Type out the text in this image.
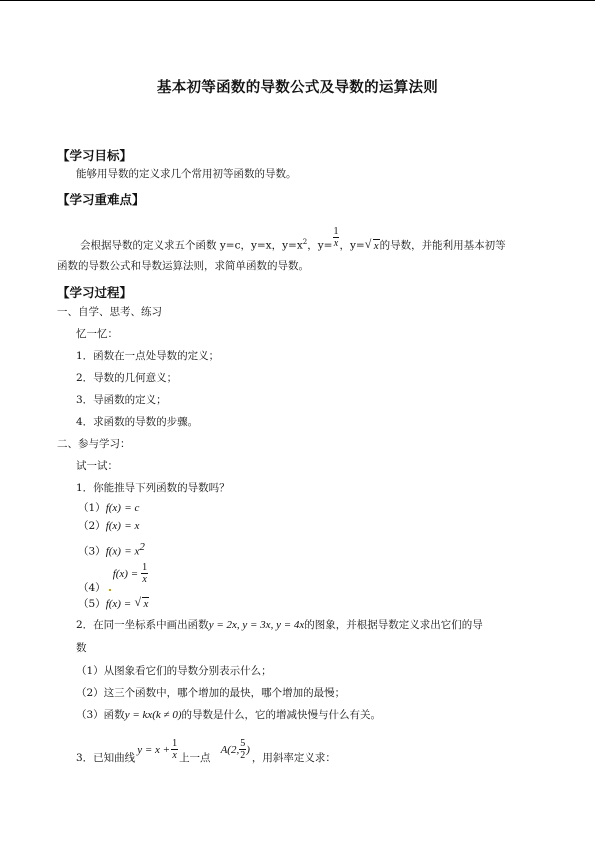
基本初等函数的导数公式及导数的运算法则
【学习目标】
能够用导数的定义求几个常用初等函数的导数。
【学习重难点】
会根据导数的定义求五个函数 y=c，y=x，$y=x^2$，$y= \frac{1}{x}$ ，y= √ x的导数，并能利用基本初等
函数的导数公式和导数运算法则，求简单函数的导数。
【学习过程】
一、自学、思考、练习
忆一忆：
1．函数在一点处导数的定义；
2．导数的几何意义；
3．导函数的定义；
4．求函数的导数的步骤。
二、参与学习：
试一试：
1．你能推导下列函数的导数吗？
（1）f(x) = c
（2）f(x) = x
$(3)f(x) = x^2$
$(4)f(x) = \frac{1}{x}$
（5）f(x) = √ x
2．在同一坐标系中画出函数y = 2x, y = 3x, y = 4x的图象，并根据导数定义求出它们的导
数
（1）从图象看它们的导数分别表示什么；
（2）这三个函数中，哪个增加的最快，哪个增加的最慢；
（3）函数y = kx(k ≠ 0)的导数是什么，它的增减快慢与什么有关。
3．已知曲线$y = x + \frac{1}{x}$ 上一点A(2, $\frac{5}{2}$ )，用斜率定义求：
